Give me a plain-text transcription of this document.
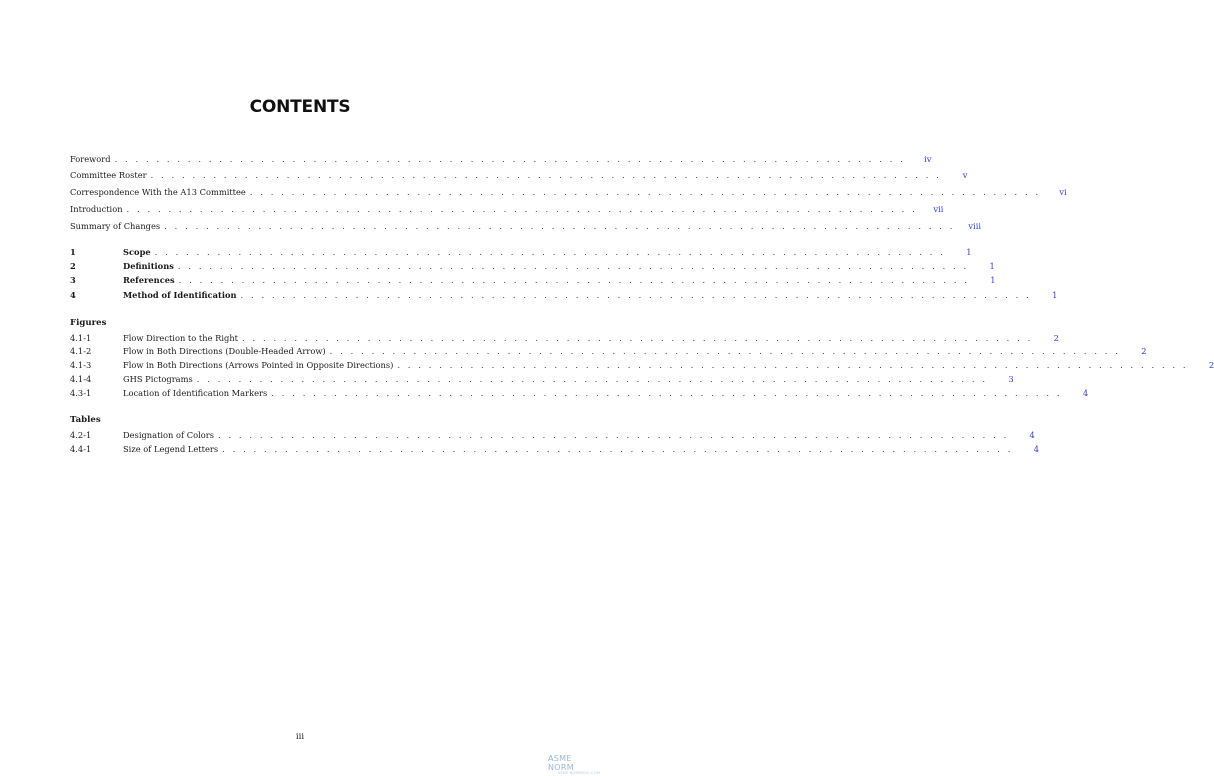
CONTENTS
Foreword . . . . . . . . . . . . . . . . . . . . . . . . . . . . . . . . . . . . . . . . . . . . . . . . . . . . . . . . . . . . . . . . . . . . . . . . . . . .	iv
Committee Roster . . . . . . . . . . . . . . . . . . . . . . . . . . . . . . . . . . . . . . . . . . . . . . . . . . . . . . . . . . . . . . . . . . . . . . . . . . . .	v
Correspondence With the A13 Committee . . . . . . . . . . . . . . . . . . . . . . . . . . . . . . . . . . . . . . . . . . . . . . . . . . . . . . . . . . . . . . . . . . . . . . . . . . . .	vi
Introduction . . . . . . . . . . . . . . . . . . . . . . . . . . . . . . . . . . . . . . . . . . . . . . . . . . . . . . . . . . . . . . . . . . . . . . . . . . . .	vii
Summary of Changes . . . . . . . . . . . . . . . . . . . . . . . . . . . . . . . . . . . . . . . . . . . . . . . . . . . . . . . . . . . . . . . . . . . . . . . . . . . .	viii
1	Scope . . . . . . . . . . . . . . . . . . . . . . . . . . . . . . . . . . . . . . . . . . . . . . . . . . . . . . . . . . . . . . . . . . . . . . . . . . . .	1
2	Definitions . . . . . . . . . . . . . . . . . . . . . . . . . . . . . . . . . . . . . . . . . . . . . . . . . . . . . . . . . . . . . . . . . . . . . . . . . . . .	1
3	References . . . . . . . . . . . . . . . . . . . . . . . . . . . . . . . . . . . . . . . . . . . . . . . . . . . . . . . . . . . . . . . . . . . . . . . . . . . .	1
4	Method of Identification . . . . . . . . . . . . . . . . . . . . . . . . . . . . . . . . . . . . . . . . . . . . . . . . . . . . . . . . . . . . . . . . . . . . . . . . . . . .	1
Figures
4.1-1	Flow Direction to the Right . . . . . . . . . . . . . . . . . . . . . . . . . . . . . . . . . . . . . . . . . . . . . . . . . . . . . . . . . . . . . . . . . . . . . . . . . . . .	2
4.1-2	Flow in Both Directions (Double-Headed Arrow) . . . . . . . . . . . . . . . . . . . . . . . . . . . . . . . . . . . . . . . . . . . . . . . . . . . . . . . . . . . . . . . . . . . . . . . . . . . .	2
4.1-3	Flow in Both Directions (Arrows Pointed in Opposite Directions) . . . . . . . . . . . . . . . . . . . . . . . . . . . . . . . . . . . . . . . . . . . . . . . . . . . . . . . . . . . . . . . . . . . . . . . . . . . .	2
4.1-4	GHS Pictograms . . . . . . . . . . . . . . . . . . . . . . . . . . . . . . . . . . . . . . . . . . . . . . . . . . . . . . . . . . . . . . . . . . . . . . . . . . . .	3
4.3-1	Location of Identification Markers . . . . . . . . . . . . . . . . . . . . . . . . . . . . . . . . . . . . . . . . . . . . . . . . . . . . . . . . . . . . . . . . . . . . . . . . . . . .	4
Tables
4.2-1	Designation of Colors . . . . . . . . . . . . . . . . . . . . . . . . . . . . . . . . . . . . . . . . . . . . . . . . . . . . . . . . . . . . . . . . . . . . . . . . . . . .	4
4.4-1	Size of Legend Letters . . . . . . . . . . . . . . . . . . . . . . . . . . . . . . . . . . . . . . . . . . . . . . . . . . . . . . . . . . . . . . . . . . . . . . . . . . . .	4
iii
ASME NORM
ASME NORMDOC.COM
